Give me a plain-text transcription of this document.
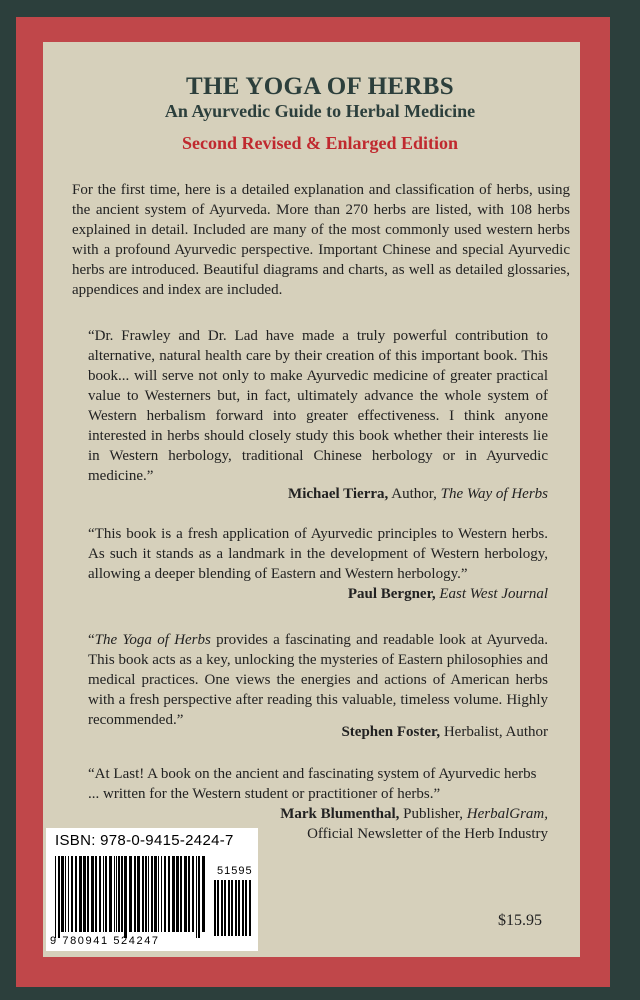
THE YOGA OF HERBS
An Ayurvedic Guide to Herbal Medicine
Second Revised & Enlarged Edition

For the first time, here is a detailed explanation and classification of herbs, using the ancient system of Ayurveda. More than 270 herbs are listed, with 108 herbs explained in detail. Included are many of the most commonly used western herbs with a profound Ayurvedic perspective. Important Chinese and special Ayurvedic herbs are introduced. Beautiful diagrams and charts, as well as detailed glossaries, appendices and index are included.

“Dr. Frawley and Dr. Lad have made a truly powerful contribution to alternative, natural health care by their creation of this important book. This book... will serve not only to make Ayurvedic medicine of greater practical value to Westerners but, in fact, ultimately advance the whole system of Western herbalism forward into greater effectiveness. I think anyone interested in herbs should closely study this book whether their interests lie in Western herbology, traditional Chinese herbology or in Ayurvedic medicine.”

Michael Tierra, Author, The Way of Herbs

“This book is a fresh application of Ayurvedic principles to Western herbs. As such it stands as a landmark in the development of Western herbology, allowing a deeper blending of Eastern and Western herbology.”

Paul Bergner, East West Journal

“The Yoga of Herbs provides a fascinating and readable look at Ayurveda. This book acts as a key, unlocking the mysteries of Eastern philosophies and medical practices. One views the energies and actions of American herbs with a fresh perspective after reading this valuable, timeless volume. Highly recommended.”

Stephen Foster, Herbalist, Author

“At Last! A book on the ancient and fascinating system of Ayurvedic herbs ... written for the Western student or practitioner of herbs.”

Mark Blumenthal, Publisher, HerbalGram,

Official Newsletter of the Herb Industry

ISBN: 978-0-9415-2424-7
51595
9 780941 524247

$15.95
